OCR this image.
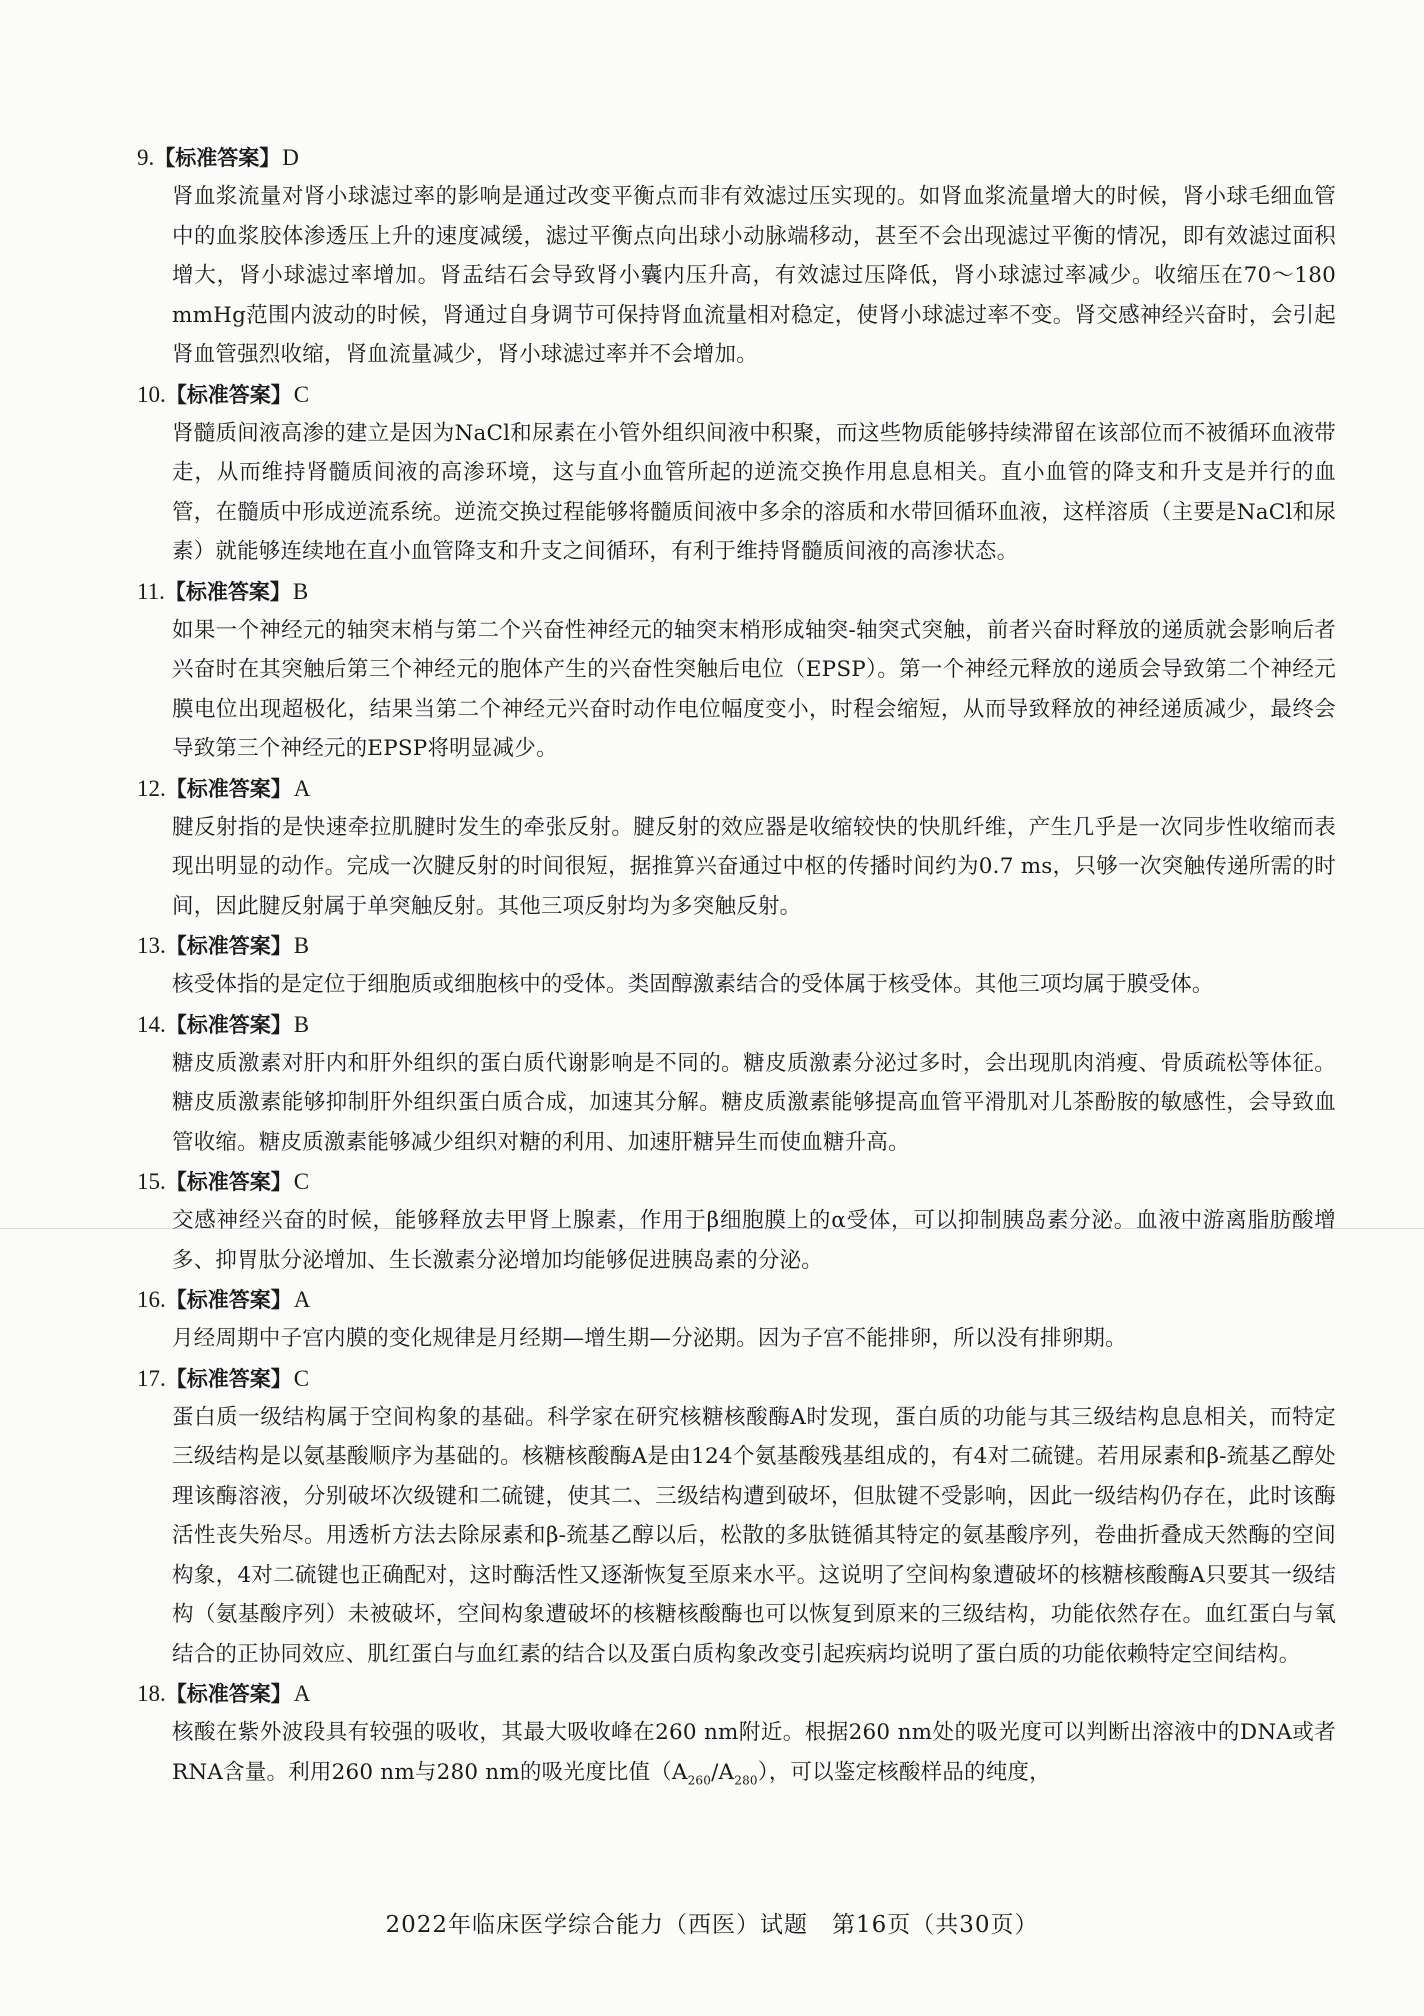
9.【标准答案】D
肾血浆流量对肾小球滤过率的影响是通过改变平衡点而非有效滤过压实现的。如肾血浆流量增大的时候，肾小球毛细血管中的血浆胶体渗透压上升的速度减缓，滤过平衡点向出球小动脉端移动，甚至不会出现滤过平衡的情况，即有效滤过面积增大，肾小球滤过率增加。肾盂结石会导致肾小囊内压升高，有效滤过压降低，肾小球滤过率减少。收缩压在70～180 mmHg范围内波动的时候，肾通过自身调节可保持肾血流量相对稳定，使肾小球滤过率不变。肾交感神经兴奋时，会引起肾血管强烈收缩，肾血流量减少，肾小球滤过率并不会增加。
10.【标准答案】C
肾髓质间液高渗的建立是因为NaCl和尿素在小管外组织间液中积聚，而这些物质能够持续滞留在该部位而不被循环血液带走，从而维持肾髓质间液的高渗环境，这与直小血管所起的逆流交换作用息息相关。直小血管的降支和升支是并行的血管，在髓质中形成逆流系统。逆流交换过程能够将髓质间液中多余的溶质和水带回循环血液，这样溶质（主要是NaCl和尿素）就能够连续地在直小血管降支和升支之间循环，有利于维持肾髓质间液的高渗状态。
11.【标准答案】B
如果一个神经元的轴突末梢与第二个兴奋性神经元的轴突末梢形成轴突-轴突式突触，前者兴奋时释放的递质就会影响后者兴奋时在其突触后第三个神经元的胞体产生的兴奋性突触后电位（EPSP）。第一个神经元释放的递质会导致第二个神经元膜电位出现超极化，结果当第二个神经元兴奋时动作电位幅度变小，时程会缩短，从而导致释放的神经递质减少，最终会导致第三个神经元的EPSP将明显减少。
12.【标准答案】A
腱反射指的是快速牵拉肌腱时发生的牵张反射。腱反射的效应器是收缩较快的快肌纤维，产生几乎是一次同步性收缩而表现出明显的动作。完成一次腱反射的时间很短，据推算兴奋通过中枢的传播时间约为0.7 ms，只够一次突触传递所需的时间，因此腱反射属于单突触反射。其他三项反射均为多突触反射。
13.【标准答案】B
核受体指的是定位于细胞质或细胞核中的受体。类固醇激素结合的受体属于核受体。其他三项均属于膜受体。
14.【标准答案】B
糖皮质激素对肝内和肝外组织的蛋白质代谢影响是不同的。糖皮质激素分泌过多时，会出现肌肉消瘦、骨质疏松等体征。糖皮质激素能够抑制肝外组织蛋白质合成，加速其分解。糖皮质激素能够提高血管平滑肌对儿茶酚胺的敏感性，会导致血管收缩。糖皮质激素能够减少组织对糖的利用、加速肝糖异生而使血糖升高。
15.【标准答案】C
交感神经兴奋的时候，能够释放去甲肾上腺素，作用于β细胞膜上的α受体，可以抑制胰岛素分泌。血液中游离脂肪酸增多、抑胃肽分泌增加、生长激素分泌增加均能够促进胰岛素的分泌。
16.【标准答案】A
月经周期中子宫内膜的变化规律是月经期—增生期—分泌期。因为子宫不能排卵，所以没有排卵期。
17.【标准答案】C
蛋白质一级结构属于空间构象的基础。科学家在研究核糖核酸酶A时发现，蛋白质的功能与其三级结构息息相关，而特定三级结构是以氨基酸顺序为基础的。核糖核酸酶A是由124个氨基酸残基组成的，有4对二硫键。若用尿素和β-巯基乙醇处理该酶溶液，分别破坏次级键和二硫键，使其二、三级结构遭到破坏，但肽键不受影响，因此一级结构仍存在，此时该酶活性丧失殆尽。用透析方法去除尿素和β-巯基乙醇以后，松散的多肽链循其特定的氨基酸序列，卷曲折叠成天然酶的空间构象，4对二硫键也正确配对，这时酶活性又逐渐恢复至原来水平。这说明了空间构象遭破坏的核糖核酸酶A只要其一级结构（氨基酸序列）未被破坏，空间构象遭破坏的核糖核酸酶也可以恢复到原来的三级结构，功能依然存在。血红蛋白与氧结合的正协同效应、肌红蛋白与血红素的结合以及蛋白质构象改变引起疾病均说明了蛋白质的功能依赖特定空间结构。
18.【标准答案】A
核酸在紫外波段具有较强的吸收，其最大吸收峰在260 nm附近。根据260 nm处的吸光度可以判断出溶液中的DNA或者RNA含量。利用260 nm与280 nm的吸光度比值$(A_{260}/A_{280})$，可以鉴定核酸样品的纯度，
2022年临床医学综合能力（西医）试题　第16页（共30页）
